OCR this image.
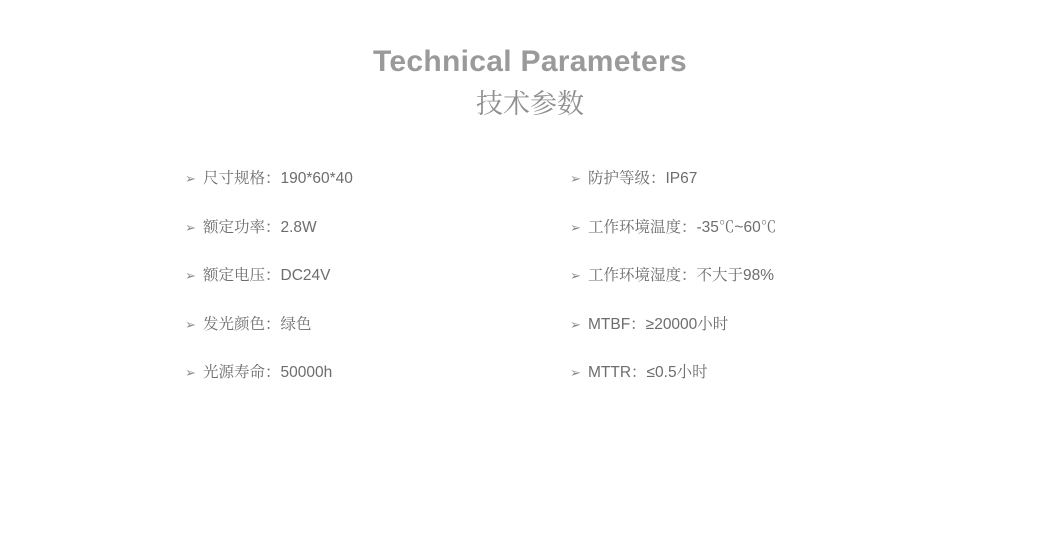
Technical Parameters
技术参数
➢ 尺寸规格：190*60*40
➢ 额定功率：2.8W
➢ 额定电压：DC24V
➢ 发光颜色：绿色
➢ 光源寿命：50000h
➢ 防护等级：IP67
➢ 工作环境温度：-35℃~60℃
➢ 工作环境湿度：不大于98%
➢ MTBF：≥20000小时
➢ MTTR：≤0.5小时
